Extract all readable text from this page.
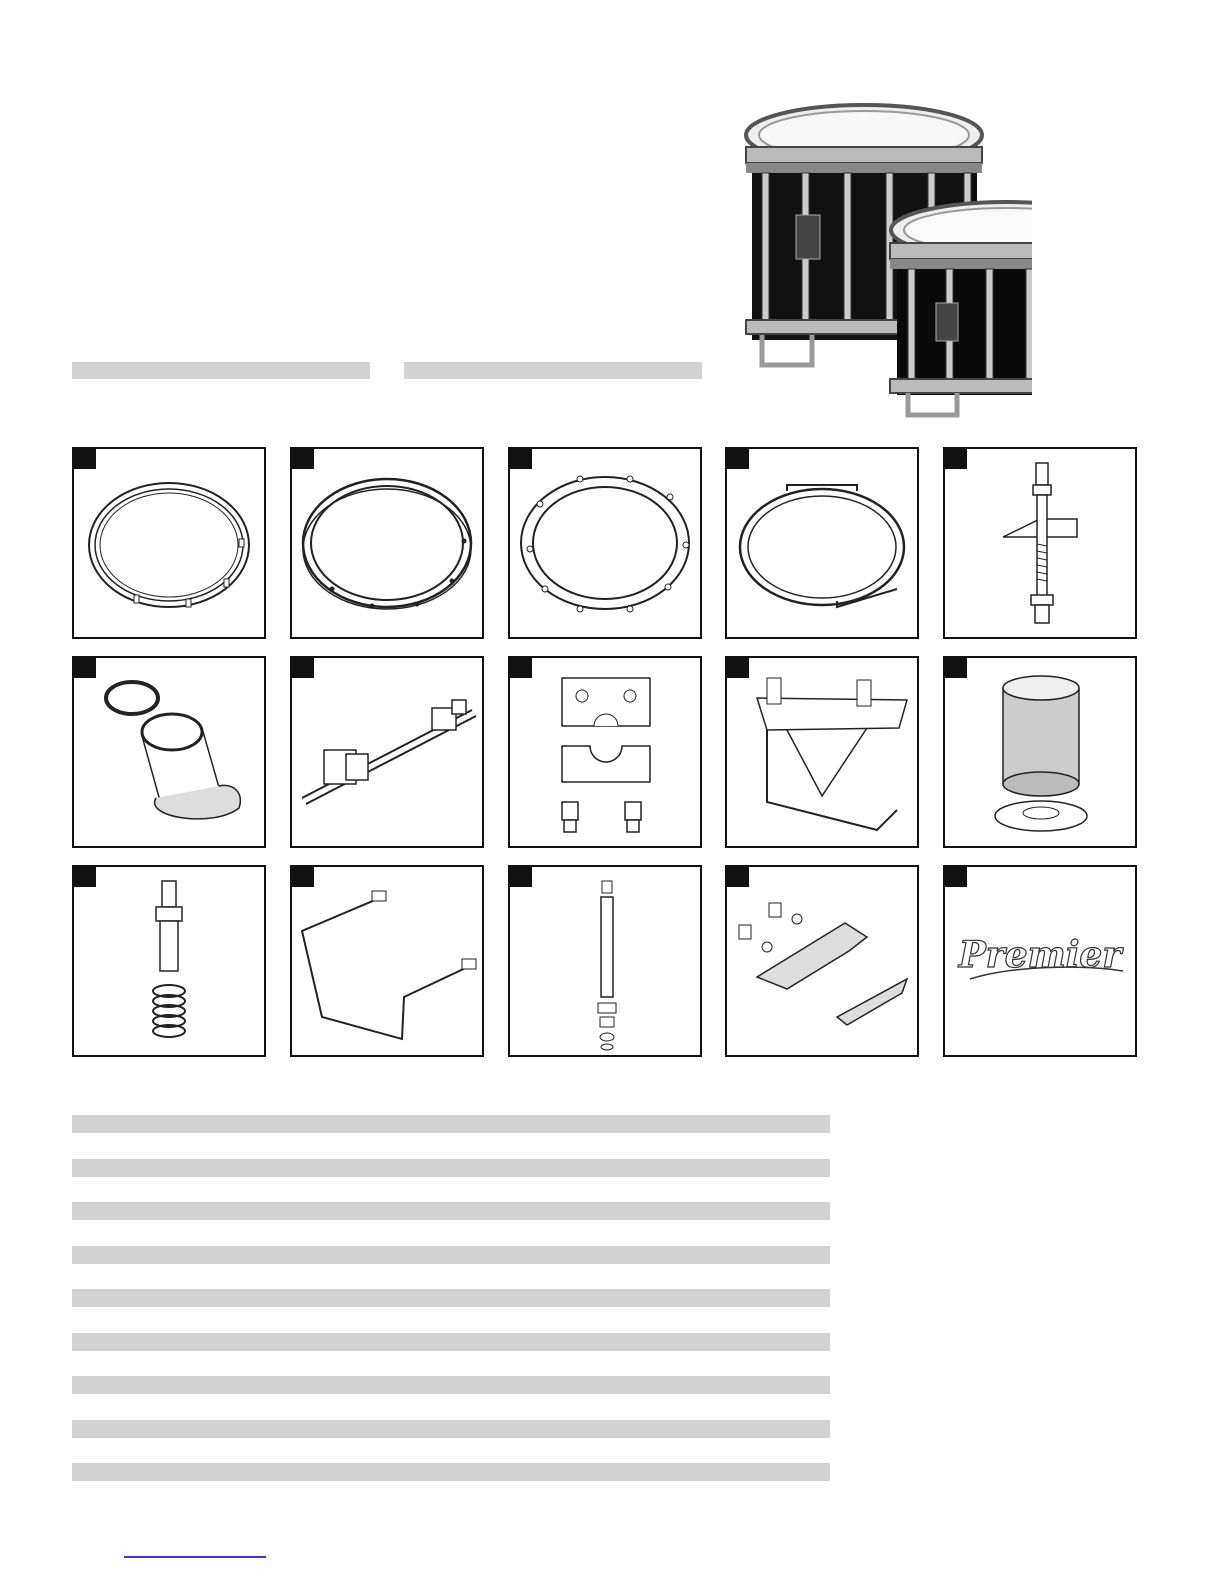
Premier
